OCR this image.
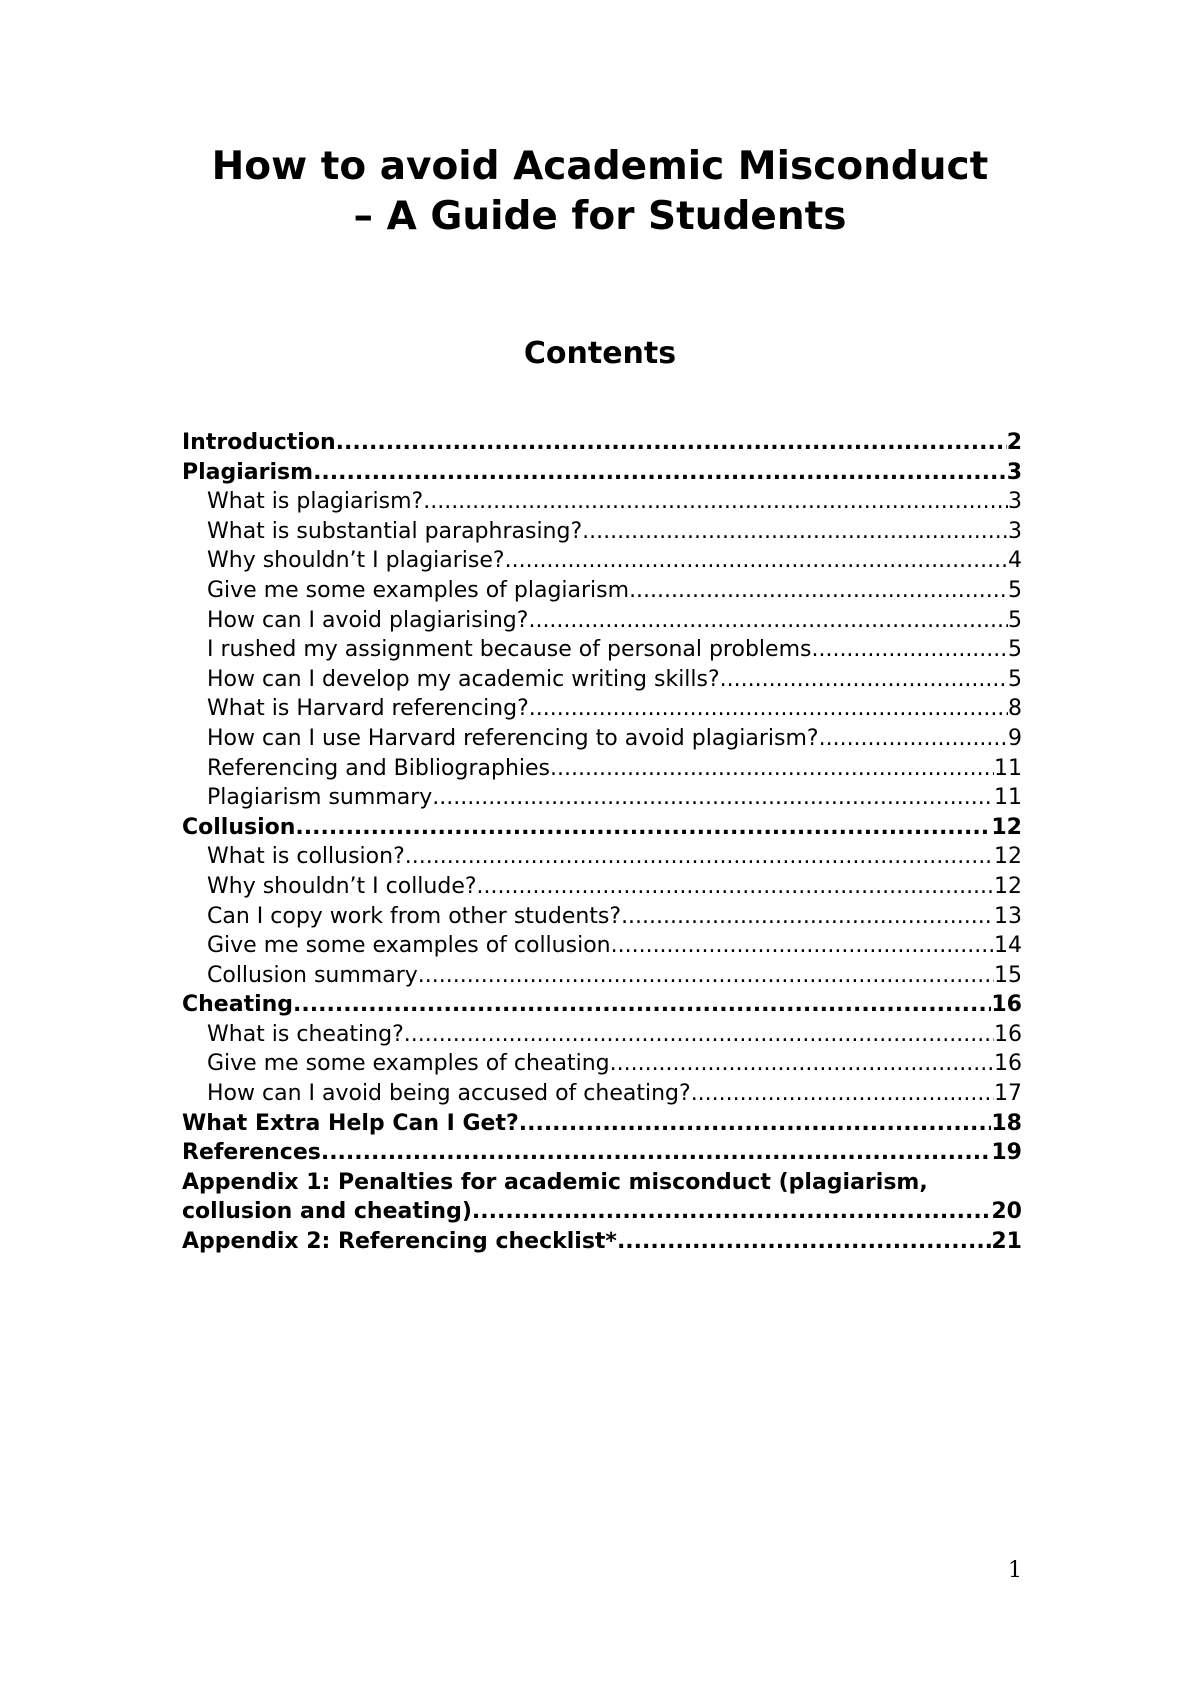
How to avoid Academic Misconduct
– A Guide for Students
Contents
Introduction .....	2
Plagiarism .....	3
What is plagiarism? .....	3
What is substantial paraphrasing? .....	3
Why shouldn’t I plagiarise? .....	4
Give me some examples of plagiarism .....	5
How can I avoid plagiarising? .....	5
I rushed my assignment because of personal problems .....	5
How can I develop my academic writing skills? .....	5
What is Harvard referencing? .....	8
How can I use Harvard referencing to avoid plagiarism? .....	9
Referencing and Bibliographies .....	11
Plagiarism summary .....	11
Collusion .....	12
What is collusion? .....	12
Why shouldn’t I collude? .....	12
Can I copy work from other students? .....	13
Give me some examples of collusion .....	14
Collusion summary .....	15
Cheating .....	16
What is cheating? .....	16
Give me some examples of cheating .....	16
How can I avoid being accused of cheating? .....	17
What Extra Help Can I Get? .....	18
References .....	19
Appendix 1: Penalties for academic misconduct (plagiarism,
collusion and cheating) .....	20
Appendix 2: Referencing checklist* .....	21
1
